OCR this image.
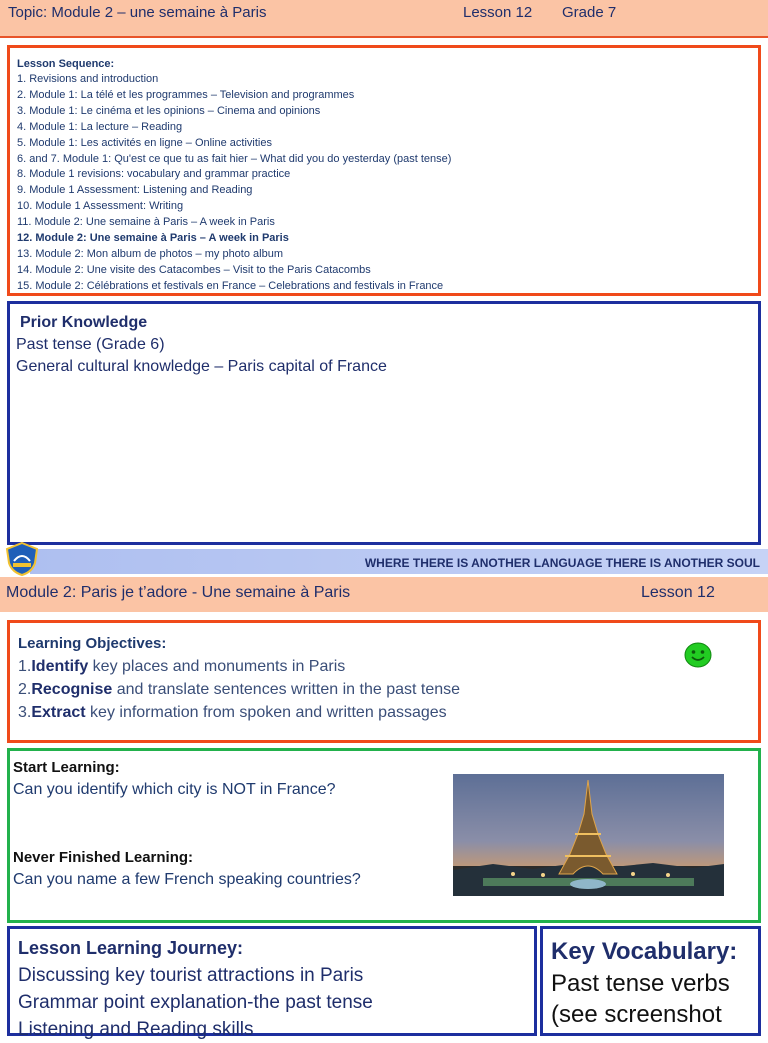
Topic: Module 2 – une semaine à Paris	Lesson 12 Grade 7
Lesson Sequence:
1. Revisions and introduction
2. Module 1: La télé et les programmes – Television and programmes
3. Module 1: Le cinéma et les opinions – Cinema and opinions
4. Module 1: La lecture – Reading
5. Module 1: Les activités en ligne – Online activities
6. and 7. Module 1: Qu'est ce que tu as fait hier – What did you do yesterday (past tense)
8. Module 1 revisions: vocabulary and grammar practice
9. Module 1 Assessment: Listening and Reading
10. Module 1 Assessment: Writing
11. Module 2: Une semaine à Paris – A week in Paris
12. Module 2: Une semaine à Paris – A week in Paris
13. Module 2: Mon album de photos – my photo album
14. Module 2: Une visite des Catacombes – Visit to the Paris Catacombs
15. Module 2: Célébrations et festivals en France – Celebrations and festivals in France
Prior Knowledge
Past tense (Grade 6)
General cultural knowledge – Paris capital of France
WHERE THERE IS ANOTHER LANGUAGE THERE IS ANOTHER SOUL
Module 2: Paris je t’adore - Une semaine à Paris	Lesson 12
Learning Objectives:
1.Identify key places and monuments in Paris
2.Recognise and translate sentences written in the past tense
3.Extract key information from spoken and written passages
Start Learning:
Can you identify which city is NOT in France?
Never Finished Learning:
Can you name a few French speaking countries?
Lesson Learning Journey:
Discussing key tourist attractions in Paris
Grammar point explanation-the past tense
Listening and Reading skills
Key Vocabulary:
Past tense verbs
(see screenshot
